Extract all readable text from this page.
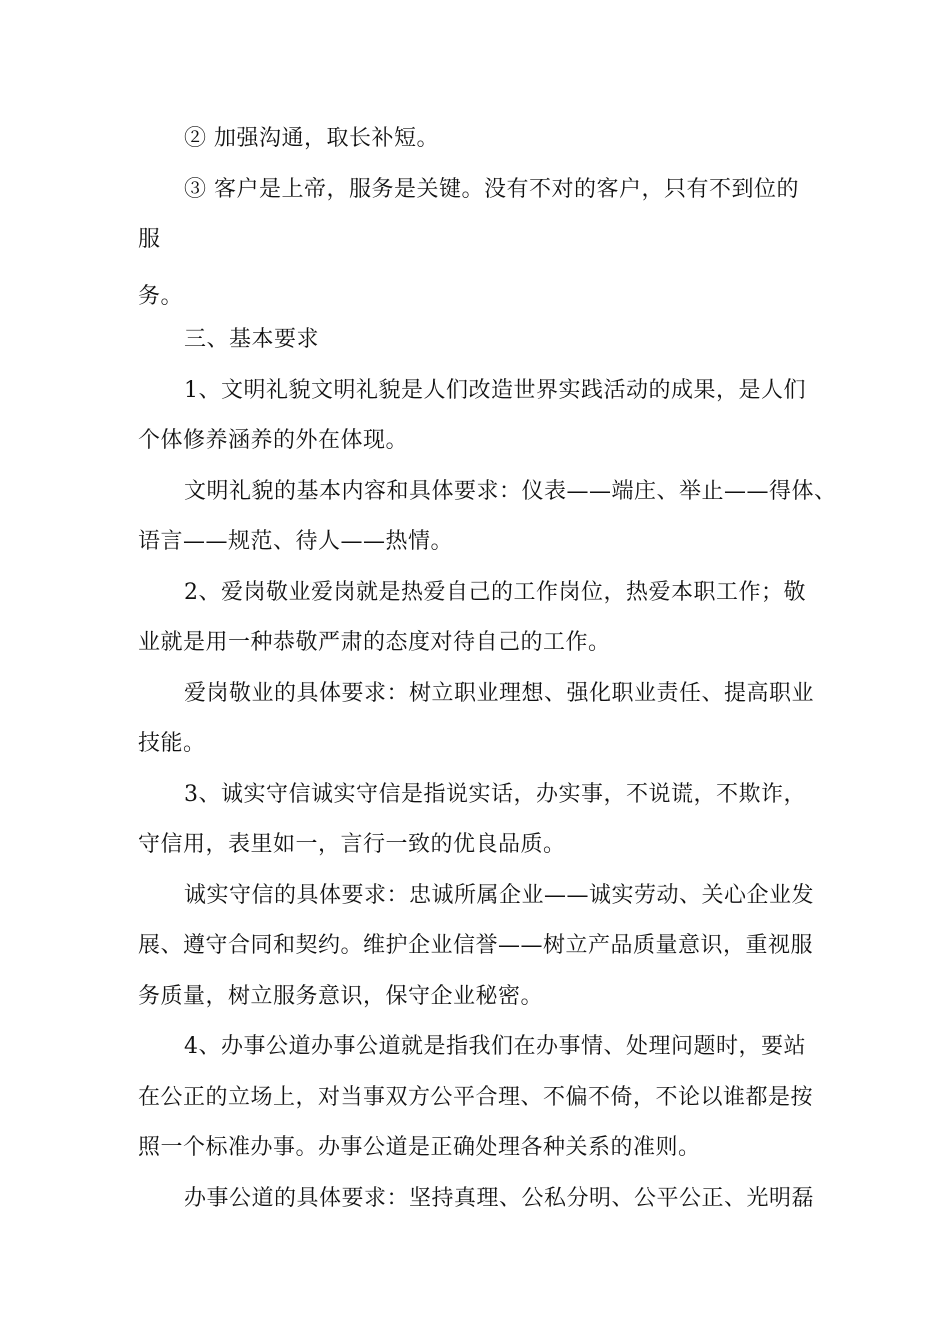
② 加强沟通，取长补短。
③ 客户是上帝，服务是关键。没有不对的客户，只有不到位的
服
务。
三、基本要求
1、文明礼貌文明礼貌是人们改造世界实践活动的成果，是人们
个体修养涵养的外在体现。
文明礼貌的基本内容和具体要求：仪表——端庄、举止——得体、
语言——规范、待人——热情。
2、爱岗敬业爱岗就是热爱自己的工作岗位，热爱本职工作；敬
业就是用一种恭敬严肃的态度对待自己的工作。
爱岗敬业的具体要求：树立职业理想、强化职业责任、提高职业
技能。
3、诚实守信诚实守信是指说实话，办实事，不说谎，不欺诈，
守信用，表里如一，言行一致的优良品质。
诚实守信的具体要求：忠诚所属企业——诚实劳动、关心企业发
展、遵守合同和契约。维护企业信誉——树立产品质量意识，重视服
务质量，树立服务意识，保守企业秘密。
4、办事公道办事公道就是指我们在办事情、处理问题时，要站
在公正的立场上，对当事双方公平合理、不偏不倚，不论以谁都是按
照一个标准办事。办事公道是正确处理各种关系的准则。
办事公道的具体要求：坚持真理、公私分明、公平公正、光明磊
